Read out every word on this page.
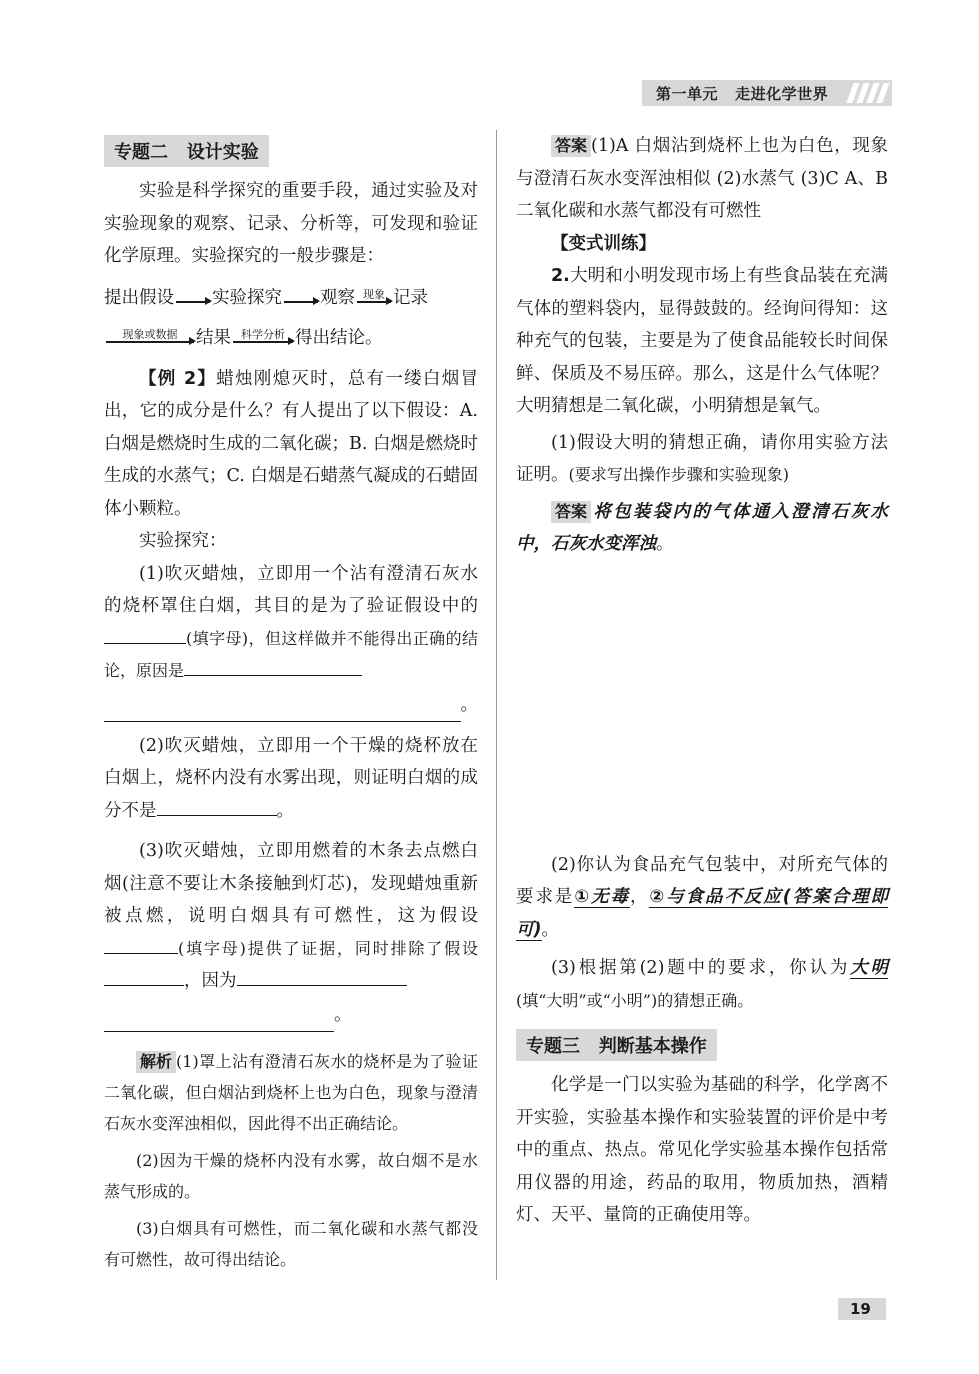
第一单元   走进化学世界
专题二   设计实验

实验是科学探究的重要手段，通过实验及对实验现象的观察、记录、分析等，可发现和验证化学原理。实验探究的一般步骤是：

提出假设 实验探究 观察 现象 记录
现象或数据 结果 科学分析 得出结论。

【例 2】蜡烛刚熄灭时，总有一缕白烟冒出，它的成分是什么？有人提出了以下假设：A. 白烟是燃烧时生成的二氧化碳；B. 白烟是燃烧时生成的水蒸气；C. 白烟是石蜡蒸气凝成的石蜡固体小颗粒。

实验探究：

(1)吹灭蜡烛，立即用一个沾有澄清石灰水的烧杯罩住白烟，其目的是为了验证假设中的(填字母)，但这样做并不能得出正确的结论，原因是

。

(2)吹灭蜡烛，立即用一个干燥的烧杯放在白烟上，烧杯内没有水雾出现，则证明白烟的成分不是	。

(3)吹灭蜡烛，立即用燃着的木条去点燃白烟(注意不要让木条接触到灯芯)，发现蜡烛重新被点燃，说明白烟具有可燃性，这为假设(填字母)提供了证据，同时排除了假设，因为

。

解析 (1)罩上沾有澄清石灰水的烧杯是为了验证二氧化碳，但白烟沾到烧杯上也为白色，现象与澄清石灰水变浑浊相似，因此得不出正确结论。

(2)因为干燥的烧杯内没有水雾，故白烟不是水蒸气形成的。

(3)白烟具有可燃性，而二氧化碳和水蒸气都没有可燃性，故可得出结论。

答案 (1)A 白烟沾到烧杯上也为白色，现象与澄清石灰水变浑浊相似 (2)水蒸气 (3)C A、B 二氧化碳和水蒸气都没有可燃性

【变式训练】

2.大明和小明发现市场上有些食品装在充满气体的塑料袋内，显得鼓鼓的。经询问得知：这种充气的包装，主要是为了使食品能较长时间保鲜、保质及不易压碎。那么，这是什么气体呢？大明猜想是二氧化碳，小明猜想是氧气。

(1)假设大明的猜想正确，请你用实验方法证明。(要求写出操作步骤和实验现象)

答案 将包装袋内的气体通入澄清石灰水中，石灰水变浑浊。

(2)你认为食品充气包装中，对所充气体的要求是①无毒，②与食品不反应(答案合理即可)。

(3)根据第(2)题中的要求，你认为大明(填“大明”或“小明”)的猜想正确。

专题三   判断基本操作

化学是一门以实验为基础的科学，化学离不开实验，实验基本操作和实验装置的评价是中考中的重点、热点。常见化学实验基本操作包括常用仪器的用途，药品的取用，物质加热，酒精灯、天平、量筒的正确使用等。

19
